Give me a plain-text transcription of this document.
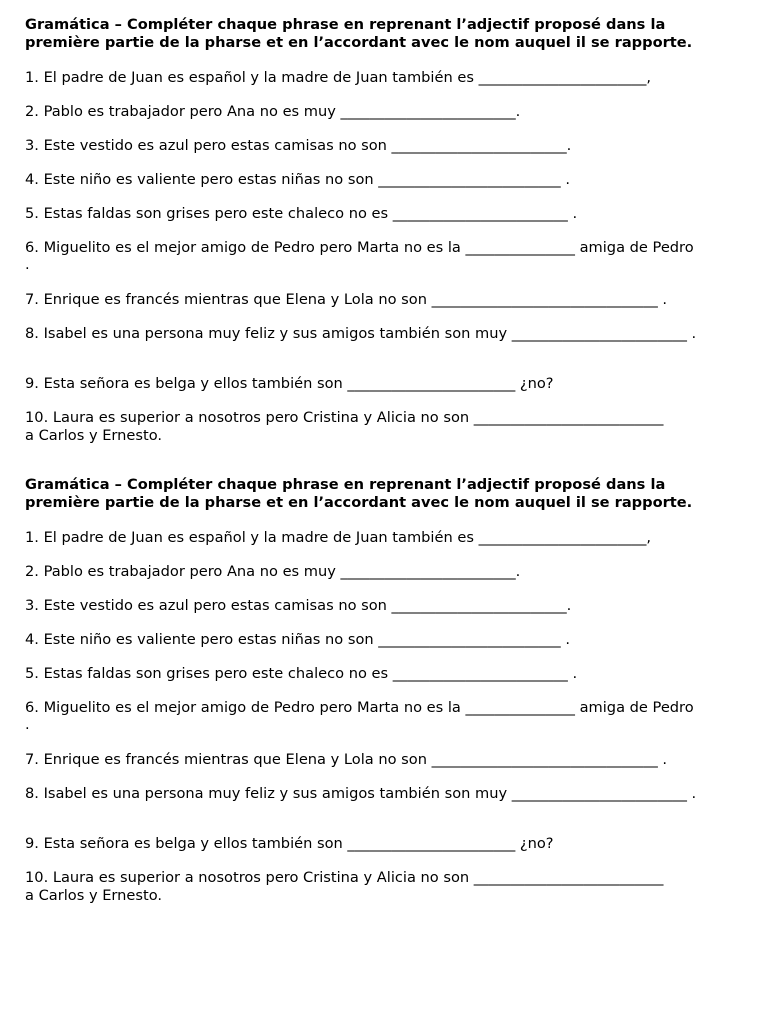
Gramática – Compléter chaque phrase en reprenant l’adjectif proposé dans la
première partie de la pharse et en l’accordant avec le nom auquel il se rapporte.

1. El padre de Juan es español y la madre de Juan también es _______________________,
2. Pablo es trabajador pero Ana no es muy ________________________.
3. Este vestido es azul pero estas camisas no son ________________________.
4. Este niño es valiente pero estas niñas no son _________________________ .
5. Estas faldas son grises pero este chaleco no es ________________________ .
6. Miguelito es el mejor amigo de Pedro pero Marta no es la _______________ amiga de Pedro
.
7. Enrique es francés mientras que Elena y Lola no son _______________________________ .
8. Isabel es una persona muy feliz y sus amigos también son muy ________________________ .
9. Esta señora es belga y ellos también son _______________________ ¿no?
10. Laura es superior a nosotros pero Cristina y Alicia no son __________________________
a Carlos y Ernesto.

Gramática – Compléter chaque phrase en reprenant l’adjectif proposé dans la
première partie de la pharse et en l’accordant avec le nom auquel il se rapporte.

1. El padre de Juan es español y la madre de Juan también es _______________________,
2. Pablo es trabajador pero Ana no es muy ________________________.
3. Este vestido es azul pero estas camisas no son ________________________.
4. Este niño es valiente pero estas niñas no son _________________________ .
5. Estas faldas son grises pero este chaleco no es ________________________ .
6. Miguelito es el mejor amigo de Pedro pero Marta no es la _______________ amiga de Pedro
.
7. Enrique es francés mientras que Elena y Lola no son _______________________________ .
8. Isabel es una persona muy feliz y sus amigos también son muy ________________________ .
9. Esta señora es belga y ellos también son _______________________ ¿no?
10. Laura es superior a nosotros pero Cristina y Alicia no son __________________________
a Carlos y Ernesto.
